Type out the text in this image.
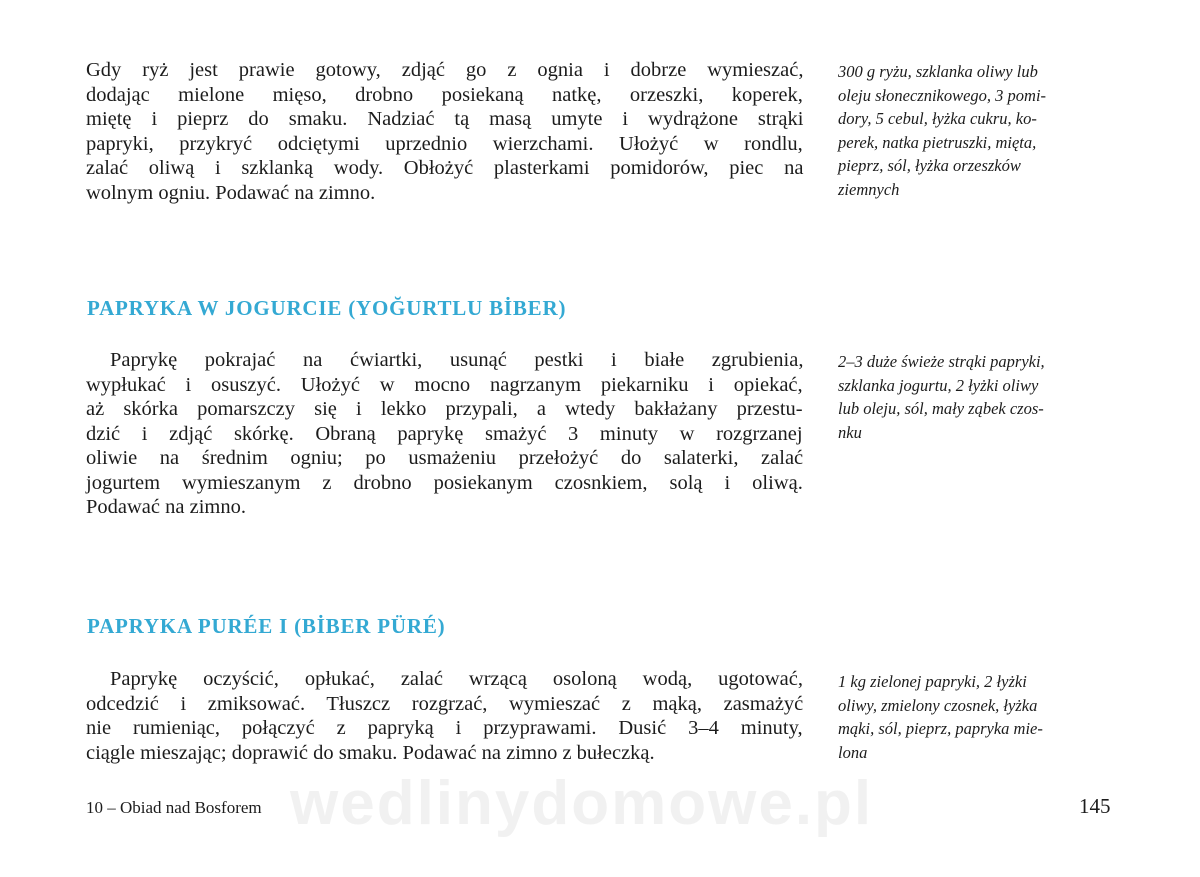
Gdy ryż jest prawie gotowy, zdjąć go z ognia i dobrze wymieszać,
dodając mielone mięso, drobno posiekaną natkę, orzeszki, koperek,
miętę i pieprz do smaku. Nadziać tą masą umyte i wydrążone strąki
papryki, przykryć odciętymi uprzednio wierzchami. Ułożyć w rondlu,
zalać oliwą i szklanką wody. Obłożyć plasterkami pomidorów, piec na
wolnym ogniu. Podawać na zimno.
300 g ryżu, szklanka oliwy lub
oleju słonecznikowego, 3 pomi-
dory, 5 cebul, łyżka cukru, ko-
perek, natka pietruszki, mięta,
pieprz, sól, łyżka orzeszków
ziemnych
PAPRYKA W JOGURCIE (YOĞURTLU BİBER)
Paprykę pokrajać na ćwiartki, usunąć pestki i białe zgrubienia,
wypłukać i osuszyć. Ułożyć w mocno nagrzanym piekarniku i opiekać,
aż skórka pomarszczy się i lekko przypali, a wtedy bakłażany przestu-
dzić i zdjąć skórkę. Obraną paprykę smażyć 3 minuty w rozgrzanej
oliwie na średnim ogniu; po usmażeniu przełożyć do salaterki, zalać
jogurtem wymieszanym z drobno posiekanym czosnkiem, solą i oliwą.
Podawać na zimno.
2–3 duże świeże strąki papryki,
szklanka jogurtu, 2 łyżki oliwy
lub oleju, sól, mały ząbek czos-
nku
PAPRYKA PURÉE I (BİBER PÜRÉ)
Paprykę oczyścić, opłukać, zalać wrzącą osoloną wodą, ugotować,
odcedzić i zmiksować. Tłuszcz rozgrzać, wymieszać z mąką, zasmażyć
nie rumieniąc, połączyć z papryką i przyprawami. Dusić 3–4 minuty,
ciągle mieszając; doprawić do smaku. Podawać na zimno z bułeczką.
1 kg zielonej papryki, 2 łyżki
oliwy, zmielony czosnek, łyżka
mąki, sól, pieprz, papryka mie-
lona
wedlinydomowe.pl
10 – Obiad nad Bosforem	145
